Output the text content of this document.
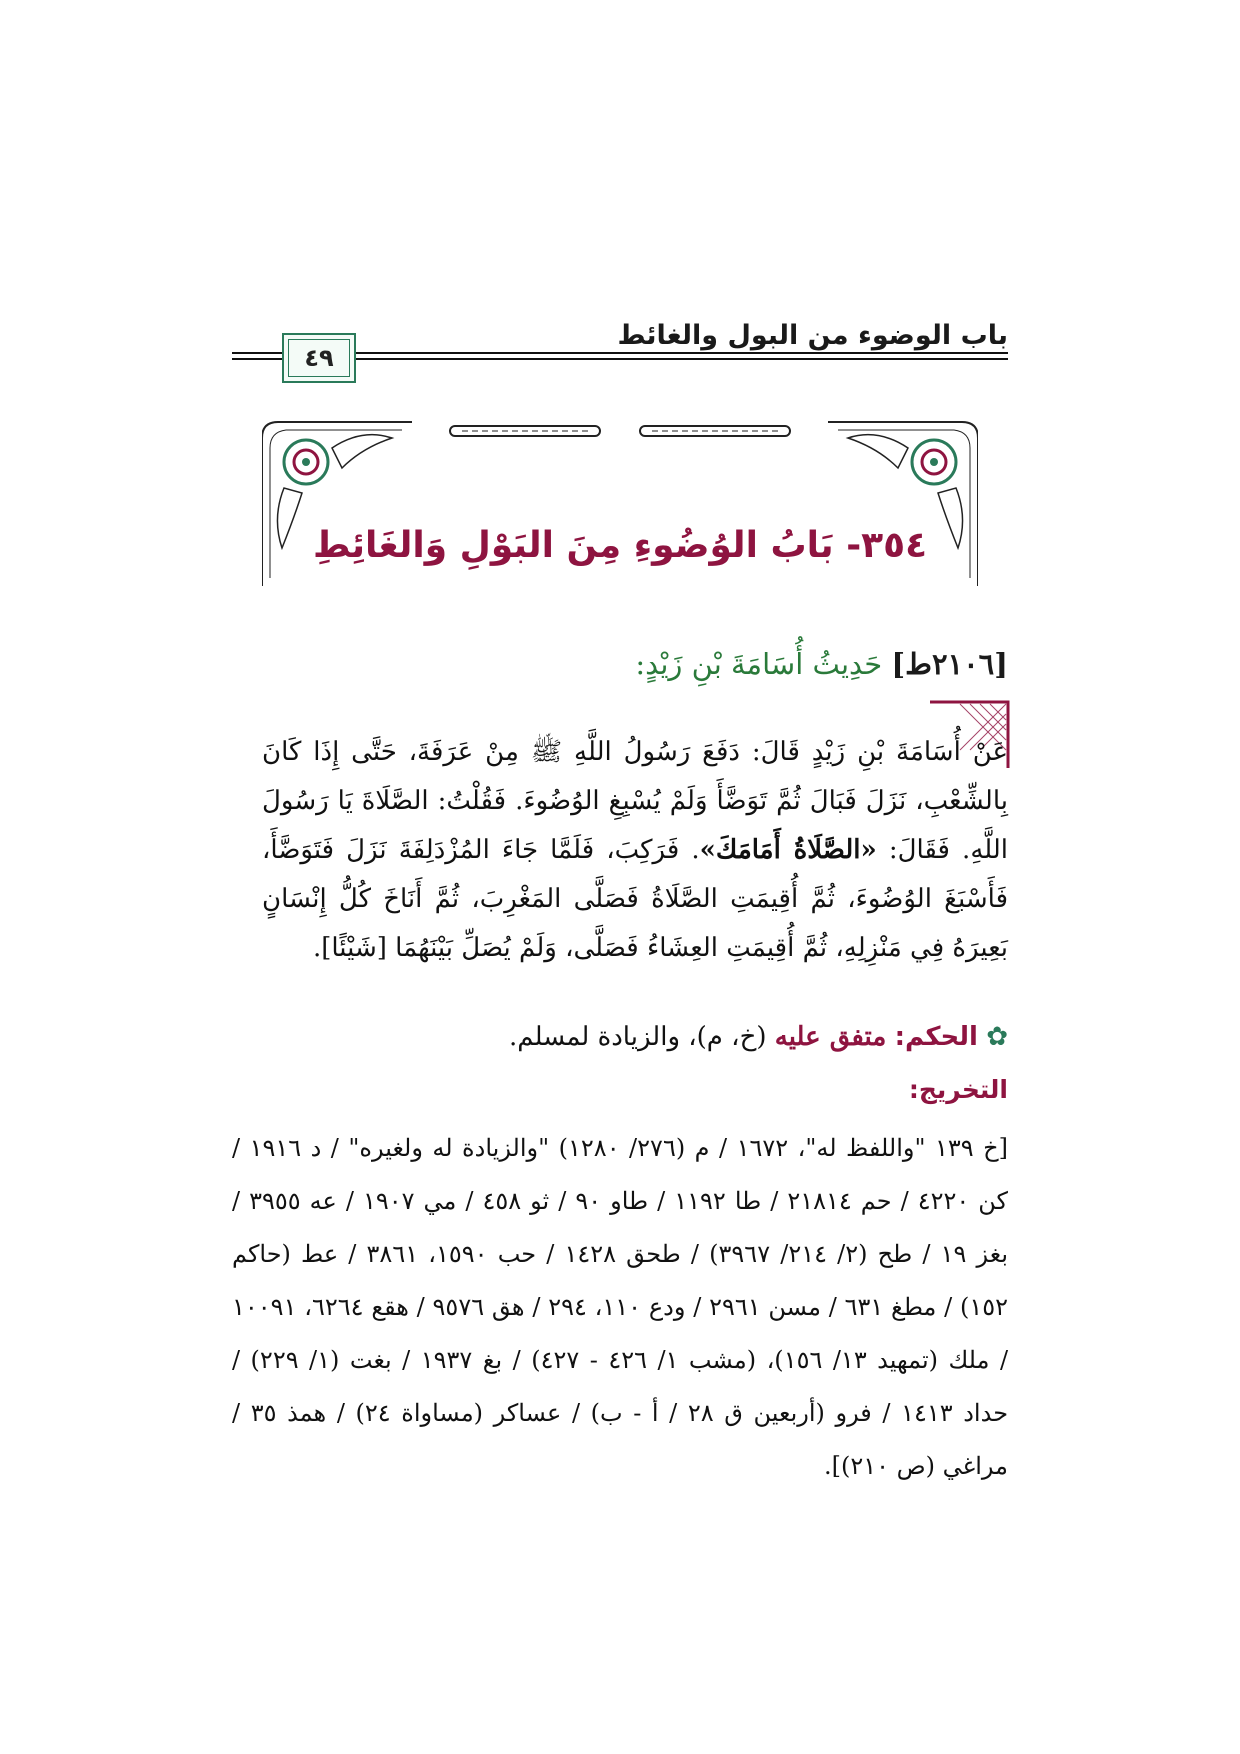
باب الوضوء من البول والغائط
٤٩
٣٥٤- بَابُ الوُضُوءِ مِنَ البَوْلِ وَالغَائِطِ
[٢١٠٦ط] حَدِيثُ أُسَامَةَ بْنِ زَيْدٍ:
عَنْ أُسَامَةَ بْنِ زَيْدٍ قَالَ: دَفَعَ رَسُولُ اللَّهِ ﷺ مِنْ عَرَفَةَ، حَتَّى إِذَا كَانَ بِالشِّعْبِ، نَزَلَ فَبَالَ ثُمَّ تَوَضَّأَ وَلَمْ يُسْبِغِ الوُضُوءَ. فَقُلْتُ: الصَّلَاةَ يَا رَسُولَ اللَّهِ. فَقَالَ: «الصَّلَاةُ أَمَامَكَ». فَرَكِبَ، فَلَمَّا جَاءَ المُزْدَلِفَةَ نَزَلَ فَتَوَضَّأَ، فَأَسْبَغَ الوُضُوءَ، ثُمَّ أُقِيمَتِ الصَّلَاةُ فَصَلَّى المَغْرِبَ، ثُمَّ أَنَاخَ كُلُّ إِنْسَانٍ بَعِيرَهُ فِي مَنْزِلِهِ، ثُمَّ أُقِيمَتِ العِشَاءُ فَصَلَّى، وَلَمْ يُصَلِّ بَيْنَهُمَا [شَيْئًا].
✿ الحكم: متفق عليه (خ، م)، والزيادة لمسلم.
التخريج:
[خ ١٣٩ "واللفظ له"، ١٦٧٢ / م (٢٧٦/ ١٢٨٠) "والزيادة له ولغيره" / د ١٩١٦ / كن ٤٢٢٠ / حم ٢١٨١٤ / طا ١١٩٢ / طاو ٩٠ / ثو ٤٥٨ / مي ١٩٠٧ / عه ٣٩٥٥ / بغز ١٩ / طح (٢/ ٢١٤/ ٣٩٦٧) / طحق ١٤٢٨ / حب ١٥٩٠، ٣٨٦١ / عط (حاكم ١٥٢) / مطغ ٦٣١ / مسن ٢٩٦١ / ودع ١١٠، ٢٩٤ / هق ٩٥٧٦ / هقع ٦٢٦٤، ١٠٠٩١ / ملك (تمهيد ١٣/ ١٥٦)، (مشب ١/ ٤٢٦ - ٤٢٧) / بغ ١٩٣٧ / بغت (١/ ٢٢٩) / حداد ١٤١٣ / فرو (أربعين ق ٢٨ / أ - ب) / عساكر (مساواة ٢٤) / همذ ٣٥ / مراغي (ص ٢١٠)].
